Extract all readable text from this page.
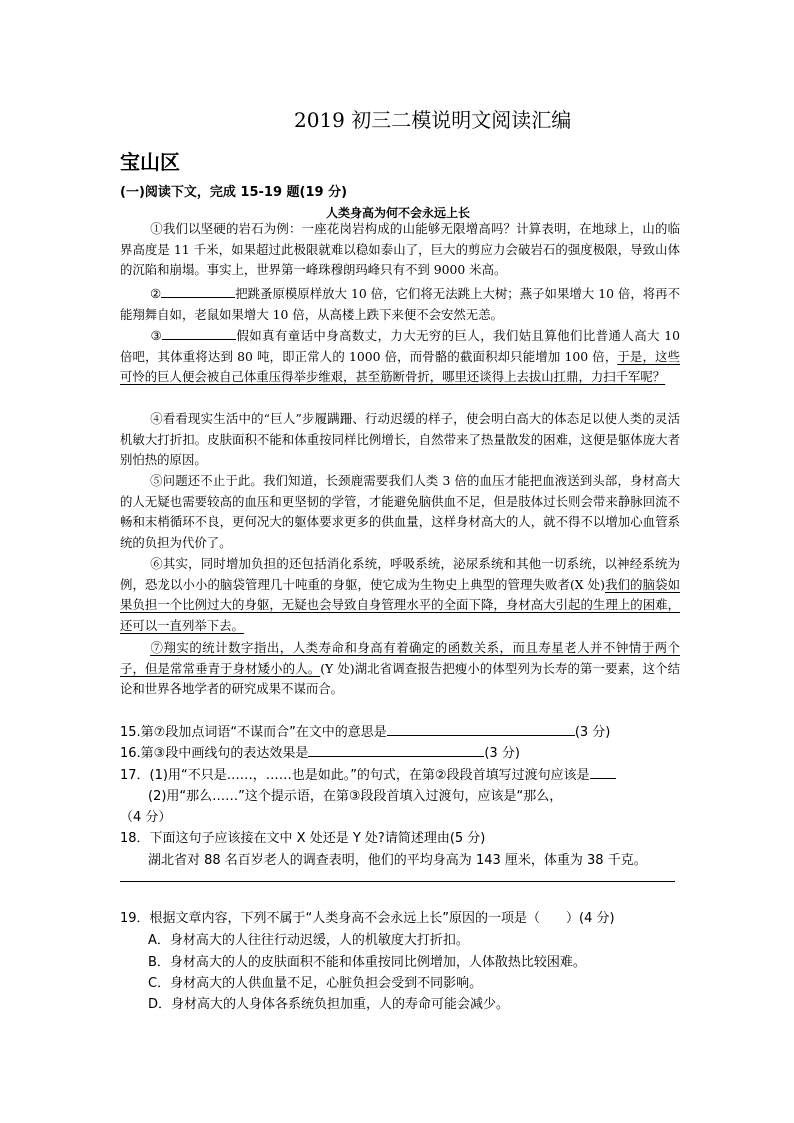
2019 初三二模说明文阅读汇编
宝山区
(一)阅读下文，完成 15-19 题(19 分)
人类身高为何不会永远上长
①我们以坚硬的岩石为例：一座花岗岩构成的山能够无限增高吗？计算表明，在地球上，山的临界高度是 11 千米，如果超过此极限就难以稳如泰山了，巨大的剪应力会破岩石的强度极限，导致山体的沉陷和崩塌。事实上，世界第一峰珠穆朗玛峰只有不到 9000 米高。
②	把跳蚤原模原样放大 10 倍，它们将无法跳上大树；燕子如果增大 10 倍，将再不能翔舞自如，老鼠如果增大 10 倍，从高楼上跌下来便不会安然无恙。
③	假如真有童话中身高数丈，力大无穷的巨人，我们姑且算他们比普通人高大 10 倍吧，其体重将达到 80 吨，即正常人的 1000 倍，而骨骼的截面积却只能增加 100 倍，于是，这些可怜的巨人便会被自己体重压得举步维艰，甚至筋断骨折，哪里还谈得上去拔山扛鼎，力扫千军呢？
④看看现实生活中的“巨人”步履蹒跚、行动迟缓的样子，使会明白高大的体态足以使人类的灵活机敏大打折扣。皮肤面积不能和体重按同样比例增长，自然带来了热量散发的困难，这便是躯体庞大者别怕热的原因。
⑤问题还不止于此。我们知道，长颈鹿需要我们人类 3 倍的血压才能把血液送到头部，身材高大的人无疑也需要较高的血压和更坚韧的学管，才能避免脑供血不足，但是肢体过长则会带来静脉回流不畅和末梢循环不良，更何况大的躯体要求更多的供血量，这样身材高大的人，就不得不以增加心血管系统的负担为代价了。
⑥其实，同时增加负担的还包括消化系统，呼吸系统，泌尿系统和其他一切系统，以神经系统为例，恐龙以小小的脑袋管理几十吨重的身躯，使它成为生物史上典型的管理失败者(X 处)我们的脑袋如果负担一个比例过大的身躯，无疑也会导致自身管理水平的全面下降，身材高大引起的生理上的困难，还可以一直列举下去。
⑦翔实的统计数字指出，人类寿命和身高有着确定的函数关系，而且寿星老人并不钟情于两个子，但是常常垂青于身材矮小的人。(Y 处)湖北省调查报告把瘦小的体型列为长寿的第一要素，这个结论和世界各地学者的研究成果不谋而合。
15.第⑦段加点词语“不谋而合”在文中的意思是	(3 分)
16.第③段中画线句的表达效果是	(3 分)
17．(1)用“不只是……，……也是如此。”的句式，在第②段段首填写过渡句应该是
(2)用“那么……”这个提示语，在第③段段首填入过渡句，应该是“那么，
（4 分）
18．下面这句子应该接在文中 X 处还是 Y 处?请简述理由(5 分)
湖北省对 88 名百岁老人的调查表明，他们的平均身高为 143 厘米，体重为 38 千克。
19．根据文章内容，下列不属于“人类身高不会永远上长”原因的一项是（　　）(4 分)
A．身材高大的人往往行动迟缓，人的机敏度大打折扣。
B．身材高大的人的皮肤面积不能和体重按同比例增加，人体散热比较困难。
C．身材高大的人供血量不足，心脏负担会受到不同影响。
D．身材高大的人身体各系统负担加重，人的寿命可能会减少。
